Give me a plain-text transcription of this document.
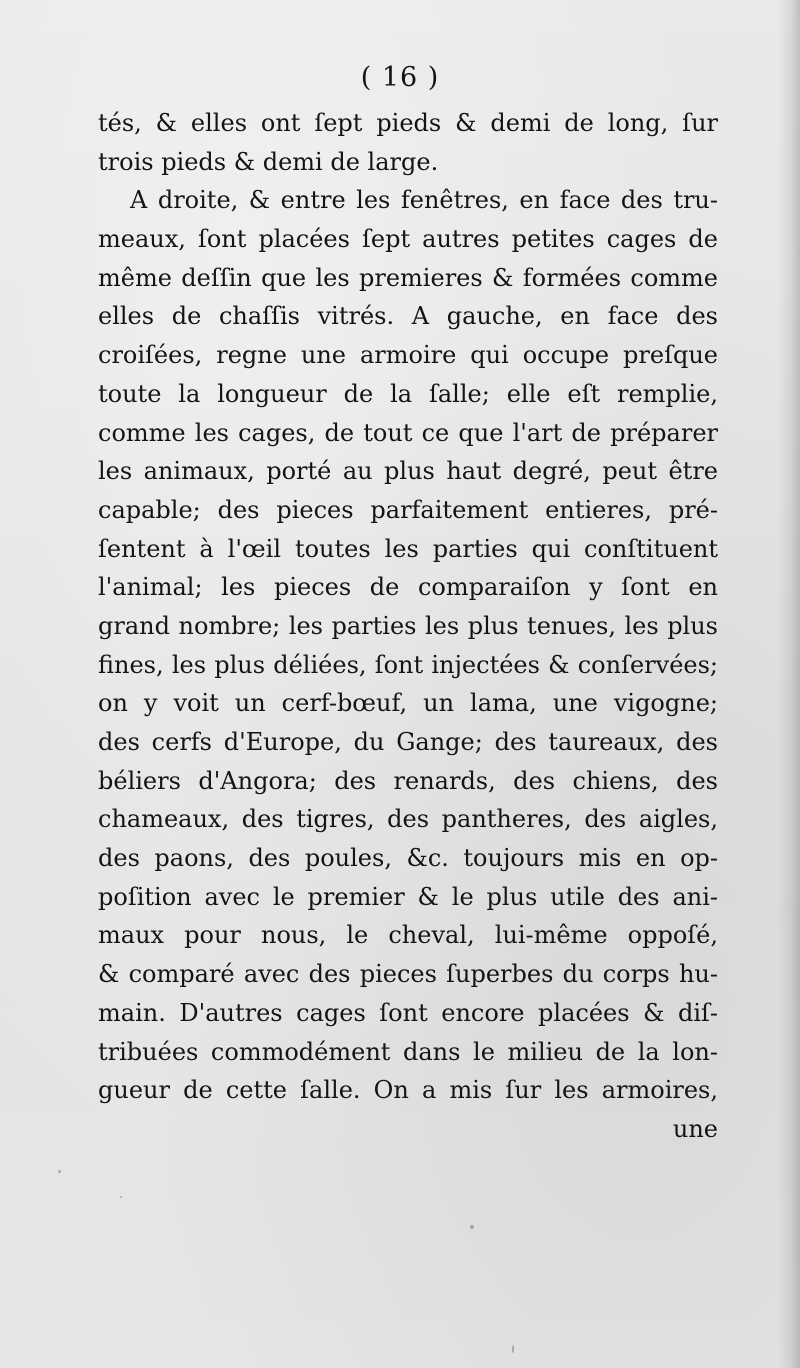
( 16 )
tés, & elles ont ſept pieds & demi de long, ſur
trois pieds & demi de large.
A droite, & entre les fenêtres, en face des tru-
meaux, ſont placées ſept autres petites cages de
même deſſin que les premieres & formées comme
elles de chaſſis vitrés. A gauche, en face des
croiſées, regne une armoire qui occupe preſque
toute la longueur de la ſalle; elle eſt remplie,
comme les cages, de tout ce que l'art de préparer
les animaux, porté au plus haut degré, peut être
capable; des pieces parfaitement entieres, pré-
ſentent à l'œil toutes les parties qui conſtituent
l'animal; les pieces de comparaiſon y ſont en
grand nombre; les parties les plus tenues, les plus
fines, les plus déliées, ſont injectées & conſervées;
on y voit un cerf-bœuf, un lama, une vigogne;
des cerfs d'Europe, du Gange; des taureaux, des
béliers d'Angora; des renards, des chiens, des
chameaux, des tigres, des pantheres, des aigles,
des paons, des poules, &c. toujours mis en op-
poſition avec le premier & le plus utile des ani-
maux pour nous, le cheval, lui-même oppoſé,
& comparé avec des pieces ſuperbes du corps hu-
main. D'autres cages ſont encore placées & diſ-
tribuées commodément dans le milieu de la lon-
gueur de cette ſalle. On a mis ſur les armoires,
une
